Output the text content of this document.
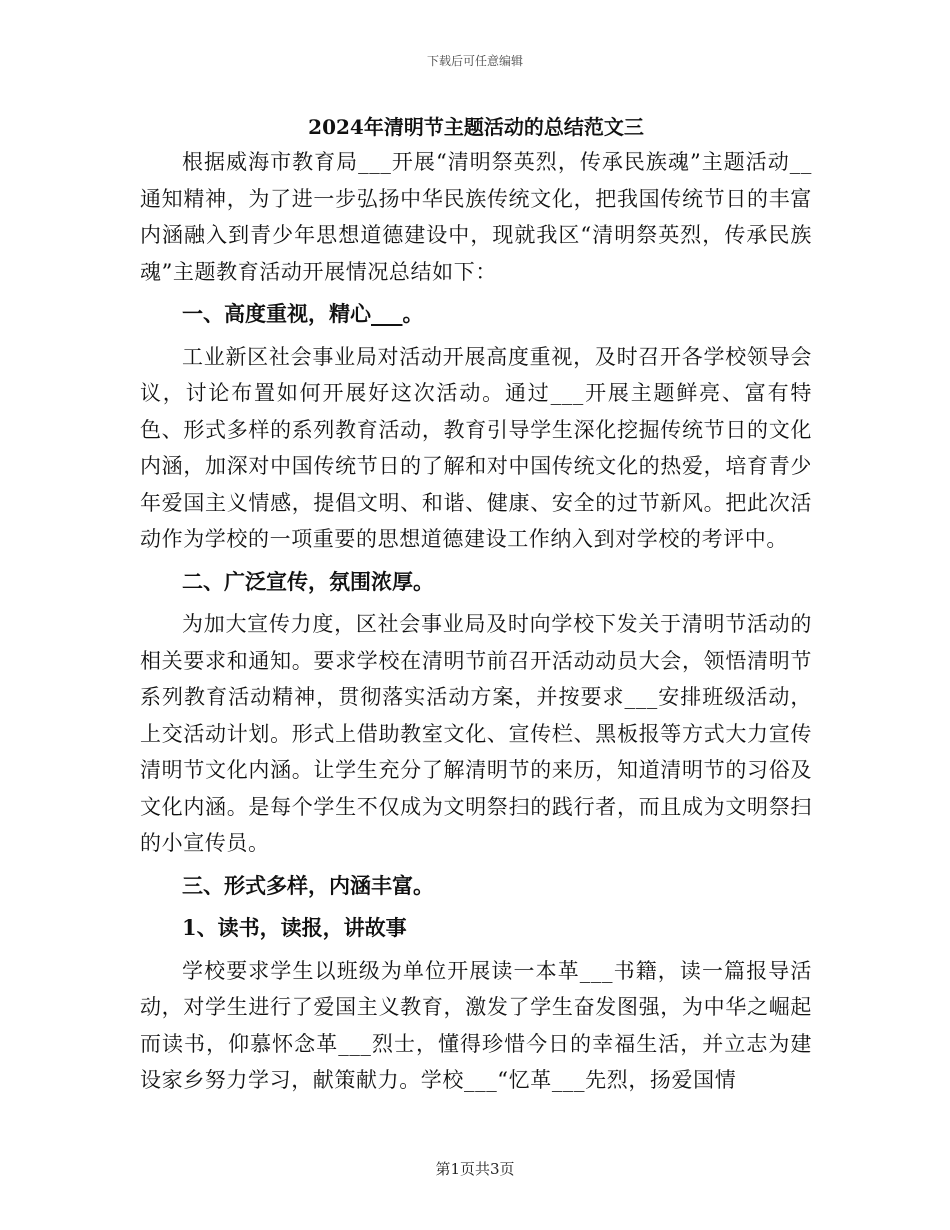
下载后可任意编辑
2024年清明节主题活动的总结范文三

根据威海市教育局___开展“清明祭英烈，传承民族魂”主题活动__通知精神，为了进一步弘扬中华民族传统文化，把我国传统节日的丰富内涵融入到青少年思想道德建设中，现就我区“清明祭英烈，传承民族魂”主题教育活动开展情况总结如下：

一、高度重视，精心___。

工业新区社会事业局对活动开展高度重视，及时召开各学校领导会议，讨论布置如何开展好这次活动。通过___开展主题鲜亮、富有特色、形式多样的系列教育活动，教育引导学生深化挖掘传统节日的文化内涵，加深对中国传统节日的了解和对中国传统文化的热爱，培育青少年爱国主义情感，提倡文明、和谐、健康、安全的过节新风。把此次活动作为学校的一项重要的思想道德建设工作纳入到对学校的考评中。

二、广泛宣传，氛围浓厚。

为加大宣传力度，区社会事业局及时向学校下发关于清明节活动的相关要求和通知。要求学校在清明节前召开活动动员大会，领悟清明节系列教育活动精神，贯彻落实活动方案，并按要求___安排班级活动，上交活动计划。形式上借助教室文化、宣传栏、黑板报等方式大力宣传清明节文化内涵。让学生充分了解清明节的来历，知道清明节的习俗及文化内涵。是每个学生不仅成为文明祭扫的践行者，而且成为文明祭扫的小宣传员。

三、形式多样，内涵丰富。

1、读书，读报，讲故事

学校要求学生以班级为单位开展读一本革___书籍，读一篇报导活动，对学生进行了爱国主义教育，激发了学生奋发图强，为中华之崛起而读书，仰慕怀念革___烈士，懂得珍惜今日的幸福生活，并立志为建设家乡努力学习，献策献力。学校___“忆革___先烈，扬爱国情

第1页共3页
